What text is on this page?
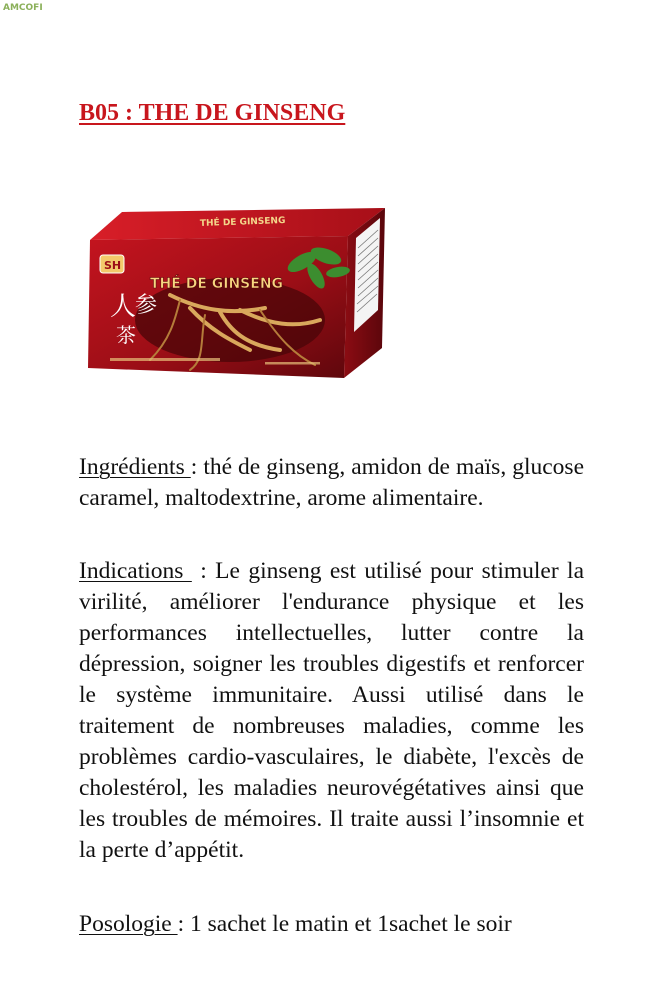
AMCOFI
B05 : THE DE GINSENG
THÉ DE GINSENG
SH
THÉ DE GINSENG
人
参
茶
Ingrédients : thé de ginseng, amidon de maïs, glucose caramel, maltodextrine, arome alimentaire.
Indications  : Le ginseng est utilisé pour stimuler la virilité, améliorer l'endurance physique et les performances intellectuelles, lutter contre la dépression, soigner les troubles digestifs et renforcer le système immunitaire. Aussi utilisé dans le traitement de nombreuses maladies, comme les problèmes cardio-vasculaires, le diabète, l'excès de cholestérol, les maladies neurovégétatives ainsi que les troubles de mémoires. Il traite aussi l’insomnie et la perte d’appétit.
Posologie : 1 sachet le matin et 1sachet le soir
